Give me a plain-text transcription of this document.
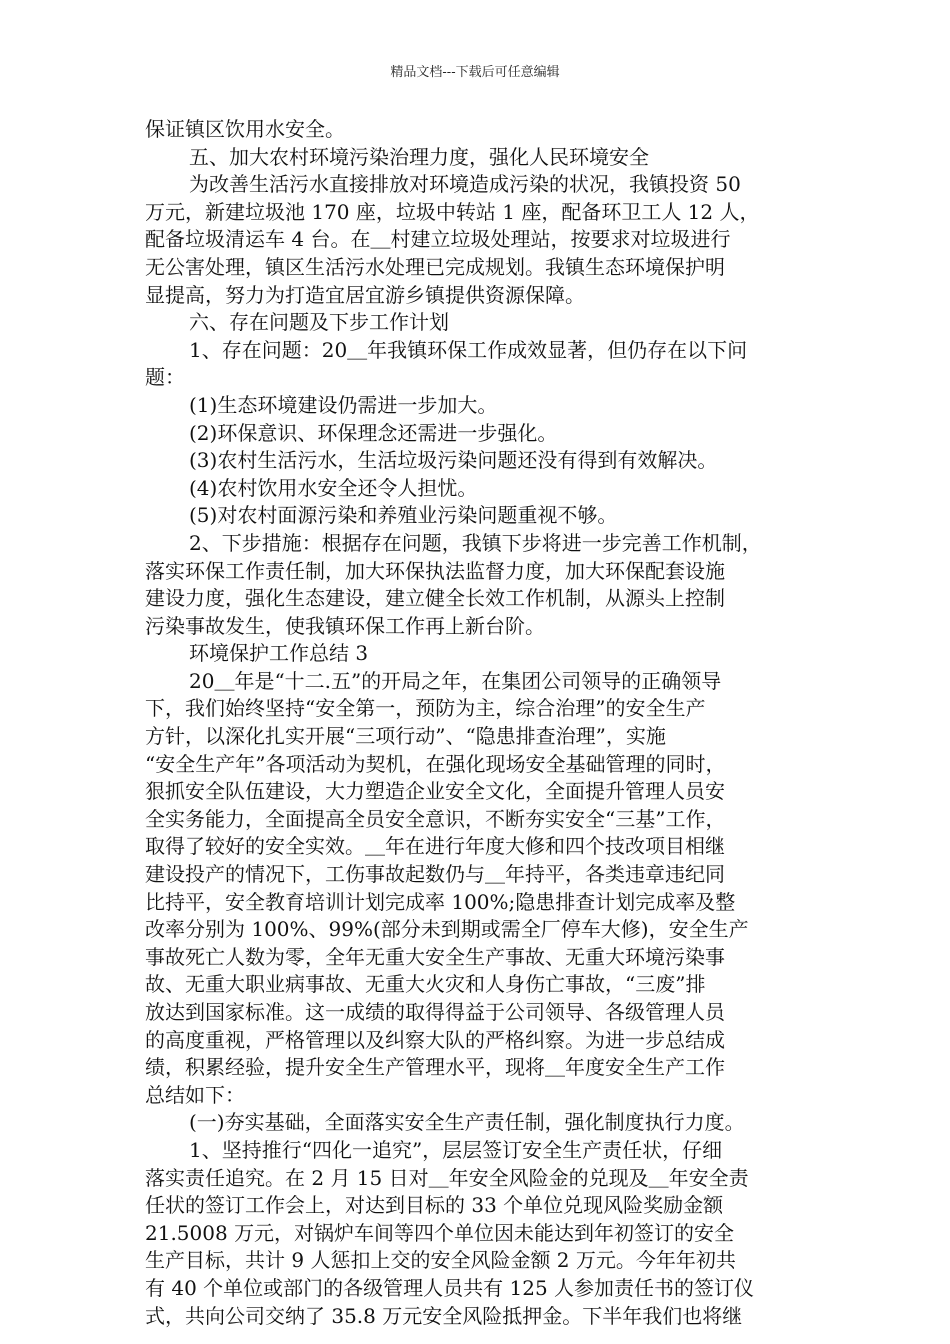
精品文档---下载后可任意编辑
保证镇区饮用水安全。
五、加大农村环境污染治理力度，强化人民环境安全
为改善生活污水直接排放对环境造成污染的状况，我镇投资 50
万元，新建垃圾池 170 座，垃圾中转站 1 座，配备环卫工人 12 人，
配备垃圾清运车 4 台。在＿村建立垃圾处理站，按要求对垃圾进行
无公害处理，镇区生活污水处理已完成规划。我镇生态环境保护明
显提高，努力为打造宜居宜游乡镇提供资源保障。
六、存在问题及下步工作计划
1、存在问题：20＿年我镇环保工作成效显著，但仍存在以下问
题：
(1)生态环境建设仍需进一步加大。
(2)环保意识、环保理念还需进一步强化。
(3)农村生活污水，生活垃圾污染问题还没有得到有效解决。
(4)农村饮用水安全还令人担忧。
(5)对农村面源污染和养殖业污染问题重视不够。
2、下步措施：根据存在问题，我镇下步将进一步完善工作机制，
落实环保工作责任制，加大环保执法监督力度，加大环保配套设施
建设力度，强化生态建设，建立健全长效工作机制，从源头上控制
污染事故发生，使我镇环保工作再上新台阶。
环境保护工作总结 3
20＿年是“十二.五”的开局之年，在集团公司领导的正确领导
下，我们始终坚持“安全第一，预防为主，综合治理”的安全生产
方针，以深化扎实开展“三项行动”、“隐患排查治理”，实施
“安全生产年”各项活动为契机，在强化现场安全基础管理的同时，
狠抓安全队伍建设，大力塑造企业安全文化，全面提升管理人员安
全实务能力，全面提高全员安全意识，不断夯实安全“三基”工作，
取得了较好的安全实效。＿年在进行年度大修和四个技改项目相继
建设投产的情况下，工伤事故起数仍与＿年持平，各类违章违纪同
比持平，安全教育培训计划完成率 100%;隐患排查计划完成率及整
改率分别为 100%、99%(部分未到期或需全厂停车大修)，安全生产
事故死亡人数为零，全年无重大安全生产事故、无重大环境污染事
故、无重大职业病事故、无重大火灾和人身伤亡事故，“三废”排
放达到国家标准。这一成绩的取得得益于公司领导、各级管理人员
的高度重视，严格管理以及纠察大队的严格纠察。为进一步总结成
绩，积累经验，提升安全生产管理水平，现将＿年度安全生产工作
总结如下：
(一)夯实基础，全面落实安全生产责任制，强化制度执行力度。
1、坚持推行“四化一追究”，层层签订安全生产责任状，仔细
落实责任追究。在 2 月 15 日对＿年安全风险金的兑现及＿年安全责
任状的签订工作会上，对达到目标的 33 个单位兑现风险奖励金额
21.5008 万元，对锅炉车间等四个单位因未能达到年初签订的安全
生产目标，共计 9 人惩扣上交的安全风险金额 2 万元。今年年初共
有 40 个单位或部门的各级管理人员共有 125 人参加责任书的签订仪
式，共向公司交纳了 35.8 万元安全风险抵押金。下半年我们也将继
